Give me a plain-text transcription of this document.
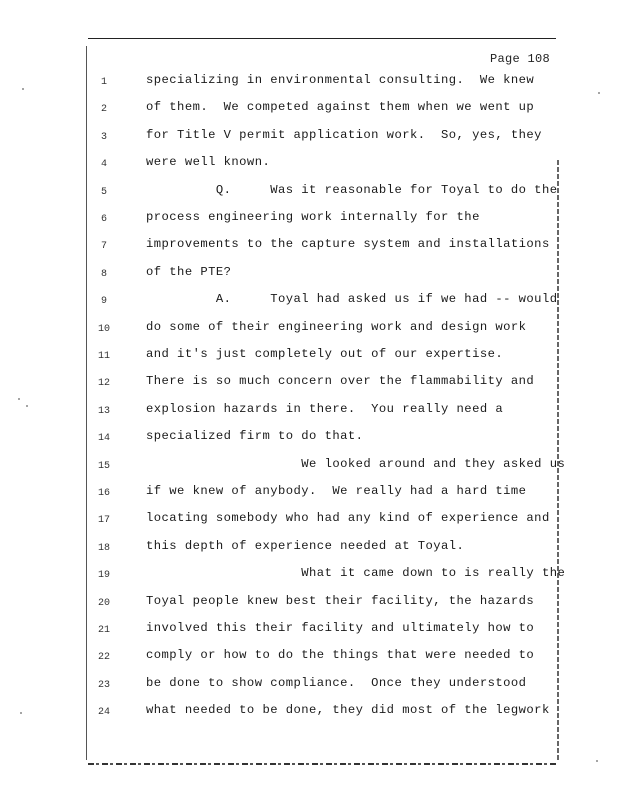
Page 108
1	specializing in environmental consulting.  We knew
2	of them.  We competed against them when we went up
3	for Title V permit application work.  So, yes, they
4	were well known.
5	Q.     Was it reasonable for Toyal to do the
6	process engineering work internally for the
7	improvements to the capture system and installations
8	of the PTE?
9	A.     Toyal had asked us if we had -- would
10	do some of their engineering work and design work
11	and it's just completely out of our expertise.
12	There is so much concern over the flammability and
13	explosion hazards in there.  You really need a
14	specialized firm to do that.
15	We looked around and they asked us
16	if we knew of anybody.  We really had a hard time
17	locating somebody who had any kind of experience and
18	this depth of experience needed at Toyal.
19	What it came down to is really the
20	Toyal people knew best their facility, the hazards
21	involved this their facility and ultimately how to
22	comply or how to do the things that were needed to
23	be done to show compliance.  Once they understood
24	what needed to be done, they did most of the legwork
